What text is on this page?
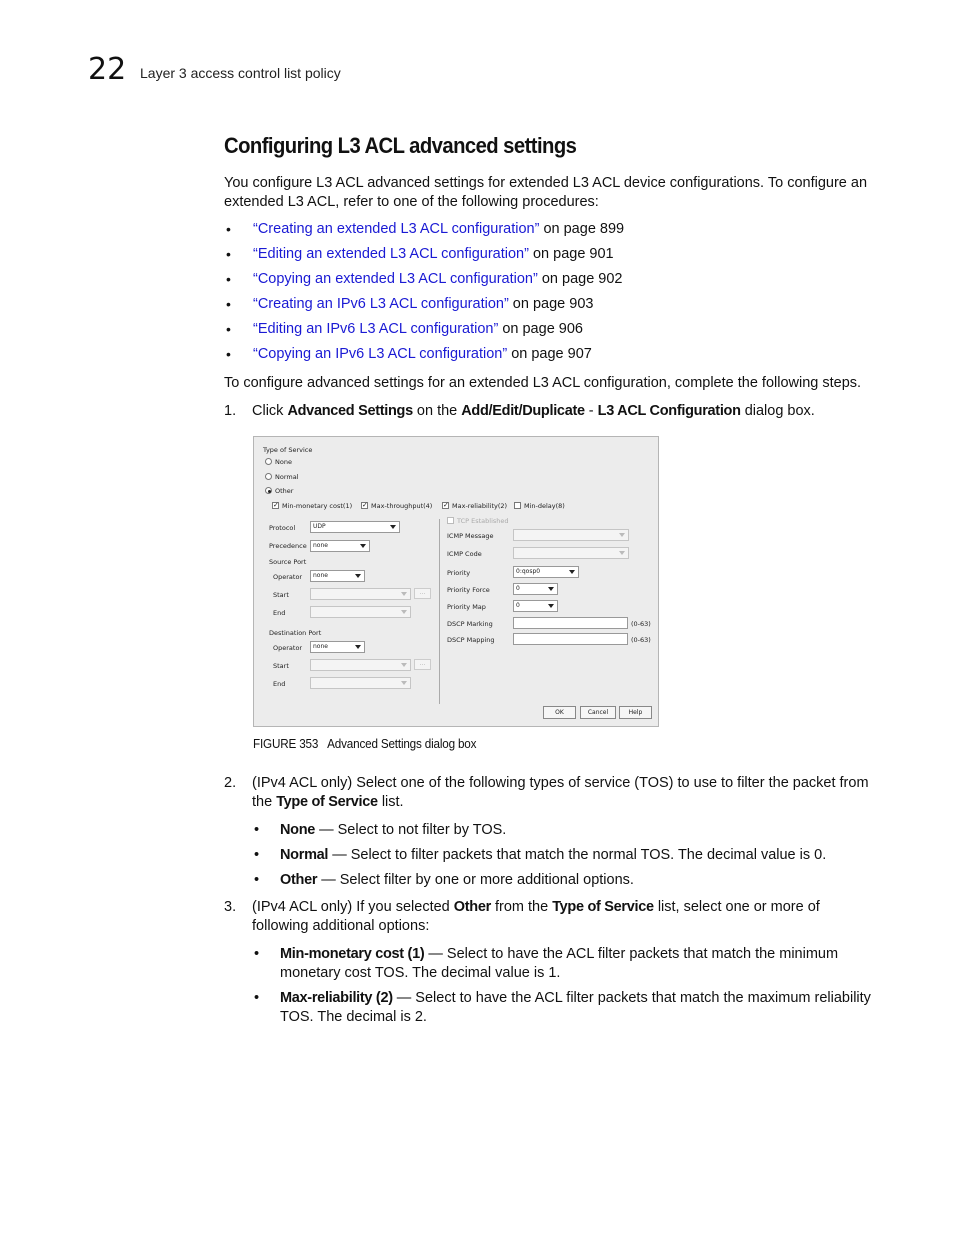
22 Layer 3 access control list policy
Configuring L3 ACL advanced settings
You configure L3 ACL advanced settings for extended L3 ACL device configurations. To configure an extended L3 ACL, refer to one of the following procedures:
• “Creating an extended L3 ACL configuration” on page 899
• “Editing an extended L3 ACL configuration” on page 901
• “Copying an extended L3 ACL configuration” on page 902
• “Creating an IPv6 L3 ACL configuration” on page 903
• “Editing an IPv6 L3 ACL configuration” on page 906
• “Copying an IPv6 L3 ACL configuration” on page 907
To configure advanced settings for an extended L3 ACL configuration, complete the following steps.
1. Click Advanced Settings on the Add/Edit/Duplicate - L3 ACL Configuration dialog box.
Type of Service
None
Normal
Other
✓ Min-monetary cost(1) ✓ Max-throughput(4) ✓ Max-reliability(2)	Min-delay(8)
Protocol	UDP
Precedence	none
Source Port
Operator	none
Start	...
End
Destination Port
Operator	none
Start	...
End
TCP Established
ICMP Message
ICMP Code
Priority	0:qosp0
Priority Force	0
Priority Map	0
DSCP Marking	(0-63)
DSCP Mapping	(0-63)
OK	Cancel	Help
FIGURE 353 Advanced Settings dialog box
2. (IPv4 ACL only) Select one of the following types of service (TOS) to use to filter the packet from the Type of Service list.
• None — Select to not filter by TOS.
• Normal — Select to filter packets that match the normal TOS. The decimal value is 0.
• Other — Select filter by one or more additional options.
3. (IPv4 ACL only) If you selected Other from the Type of Service list, select one or more of following additional options:
• Min-monetary cost (1) — Select to have the ACL filter packets that match the minimum monetary cost TOS. The decimal value is 1.
• Max-reliability (2) — Select to have the ACL filter packets that match the maximum reliability TOS. The decimal is 2.
